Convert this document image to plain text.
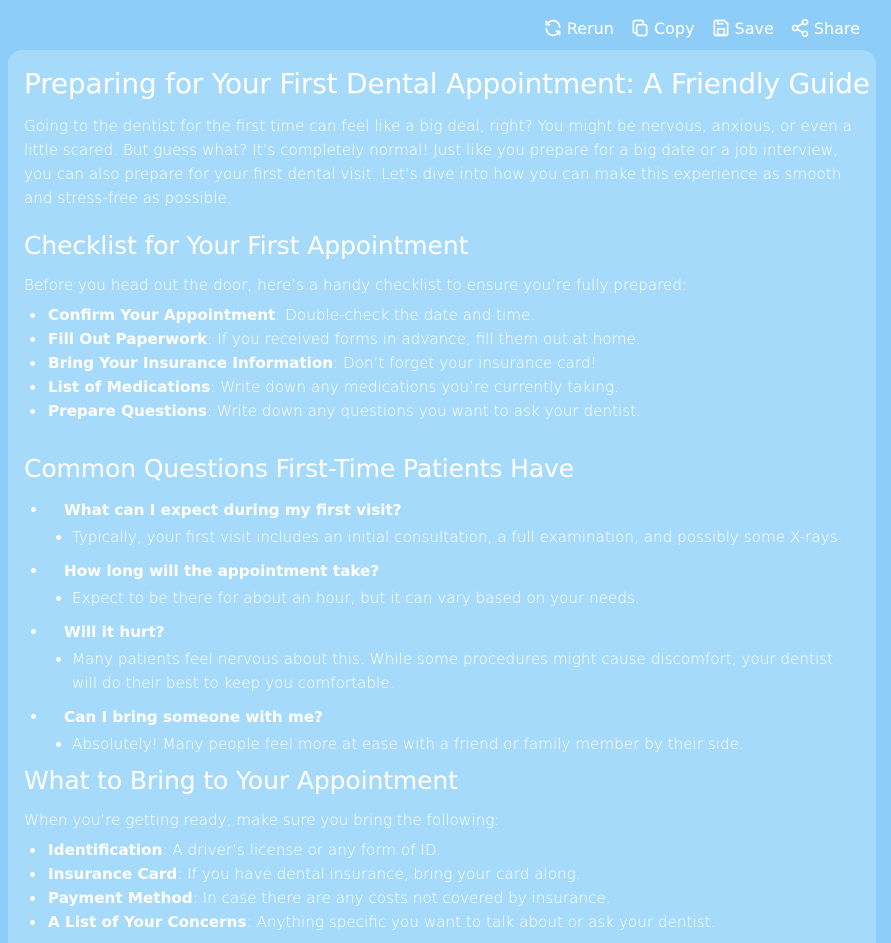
Rerun	Copy	Save	Share
Preparing for Your First Dental Appointment: A Friendly Guide

Going to the dentist for the first time can feel like a big deal, right? You might be nervous, anxious, or even a little scared. But guess what? It’s completely normal! Just like you prepare for a big date or a job interview, you can also prepare for your first dental visit. Let’s dive into how you can make this experience as smooth and stress-free as possible.

Checklist for Your First Appointment

Before you head out the door, here’s a handy checklist to ensure you’re fully prepared:

Confirm Your Appointment: Double-check the date and time.
Fill Out Paperwork: If you received forms in advance, fill them out at home.
Bring Your Insurance Information: Don’t forget your insurance card!
List of Medications: Write down any medications you’re currently taking.
Prepare Questions: Write down any questions you want to ask your dentist.
Common Questions First-Time Patients Have
What can I expect during my first visit?
Typically, your first visit includes an initial consultation, a full examination, and possibly some X-rays.
How long will the appointment take?
Expect to be there for about an hour, but it can vary based on your needs.
Will it hurt?
Many patients feel nervous about this. While some procedures might cause discomfort, your dentist will do their best to keep you comfortable.
Can I bring someone with me?
Absolutely! Many people feel more at ease with a friend or family member by their side.
What to Bring to Your Appointment

When you’re getting ready, make sure you bring the following:

Identification: A driver’s license or any form of ID.
Insurance Card: If you have dental insurance, bring your card along.
Payment Method: In case there are any costs not covered by insurance.
A List of Your Concerns: Anything specific you want to talk about or ask your dentist.
